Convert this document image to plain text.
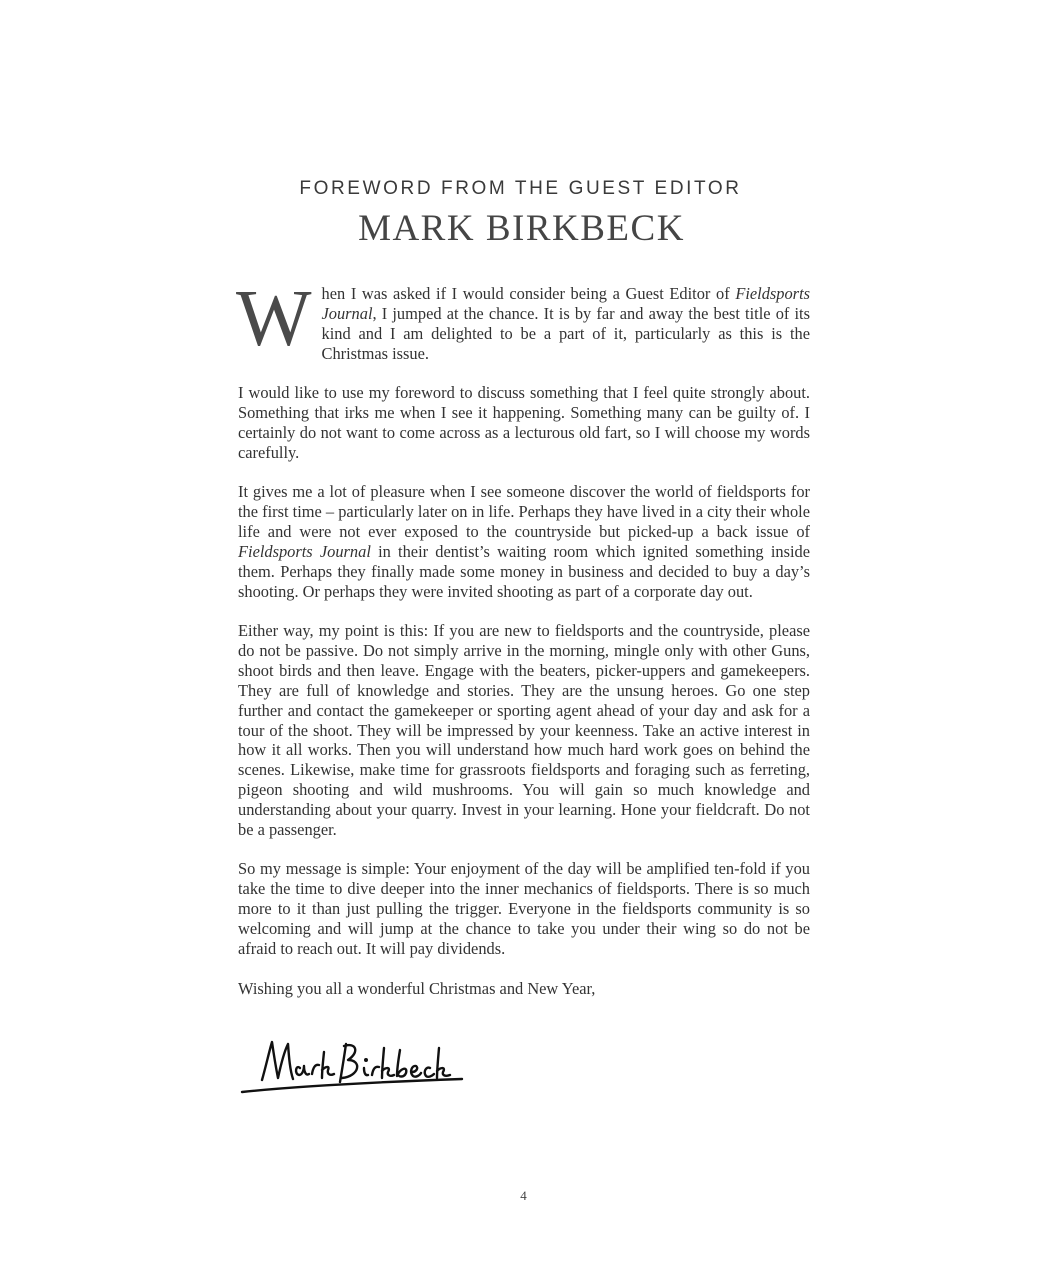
FOREWORD FROM THE GUEST EDITOR
MARK BIRKBECK

When I was asked if I would consider being a Guest Editor of Fieldsports Journal, I jumped at the chance. It is by far and away the best title of its kind and I am delighted to be a part of it, particularly as this is the Christmas issue.

I would like to use my foreword to discuss something that I feel quite strongly about. Something that irks me when I see it happening. Something many can be guilty of. I certainly do not want to come across as a lecturous old fart, so I will choose my words carefully.

It gives me a lot of pleasure when I see someone discover the world of fieldsports for the first time – particularly later on in life. Perhaps they have lived in a city their whole life and were not ever exposed to the countryside but picked-up a back issue of Fieldsports Journal in their dentist’s waiting room which ignited something inside them. Perhaps they finally made some money in business and decided to buy a day’s shooting. Or perhaps they were invited shooting as part of a corporate day out.

Either way, my point is this: If you are new to fieldsports and the countryside, please do not be passive. Do not simply arrive in the morning, mingle only with other Guns, shoot birds and then leave. Engage with the beaters, picker-uppers and gamekeepers. They are full of knowledge and stories. They are the unsung heroes. Go one step further and contact the gamekeeper or sporting agent ahead of your day and ask for a tour of the shoot. They will be impressed by your keenness. Take an active interest in how it all works. Then you will understand how much hard work goes on behind the scenes. Likewise, make time for grassroots fieldsports and foraging such as ferreting, pigeon shooting and wild mushrooms. You will gain so much knowledge and understanding about your quarry. Invest in your learning. Hone your fieldcraft. Do not be a passenger.

So my message is simple: Your enjoyment of the day will be amplified ten-fold if you take the time to dive deeper into the inner mechanics of fieldsports. There is so much more to it than just pulling the trigger. Everyone in the fieldsports community is so welcoming and will jump at the chance to take you under their wing so do not be afraid to reach out. It will pay dividends.

Wishing you all a wonderful Christmas and New Year,

4
